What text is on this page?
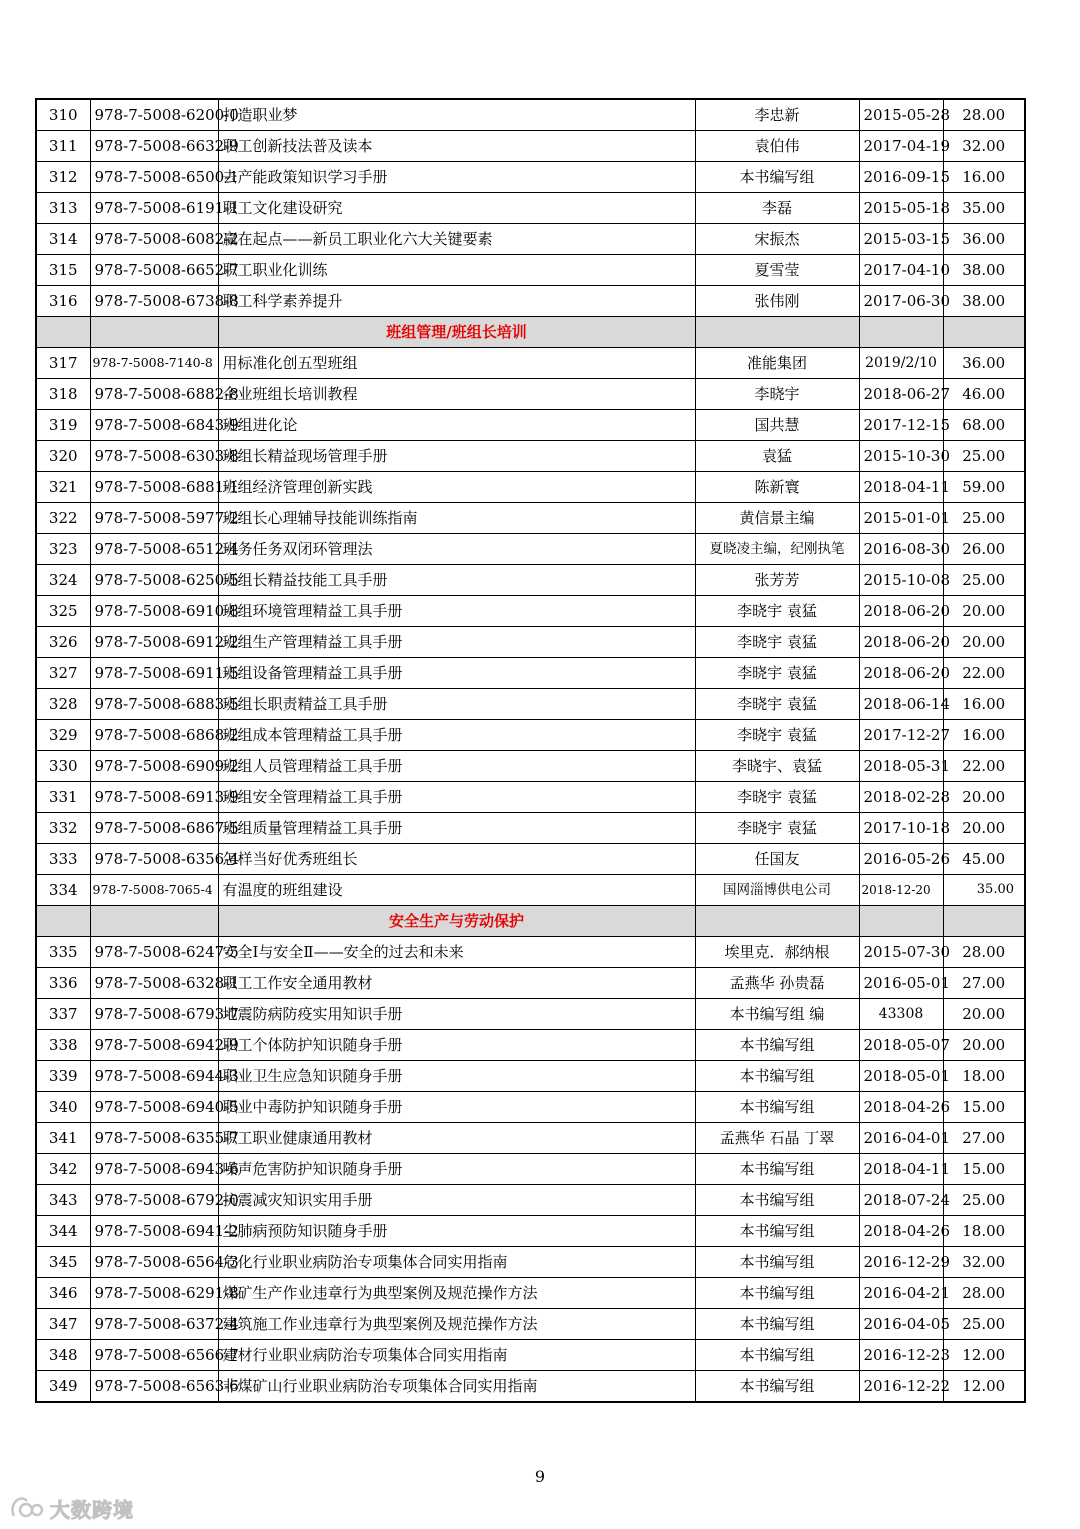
310	978-7-5008-6200-0	打造职业梦	李忠新	2015-05-28	28.00
311	978-7-5008-6632-9	职工创新技法普及读本	袁伯伟	2017-04-19	32.00
312	978-7-5008-6500-1	去产能政策知识学习手册	本书编写组	2016-09-15	16.00
313	978-7-5008-6191-1	职工文化建设研究	李磊	2015-05-18	35.00
314	978-7-5008-6082-2	赢在起点——新员工职业化六大关键要素	宋振杰	2015-03-15	36.00
315	978-7-5008-6652-7	职工职业化训练	夏雪莹	2017-04-10	38.00
316	978-7-5008-6738-8	职工科学素养提升	张伟刚	2017-06-30	38.00
		班组管理/班组长培训			
317	978-7-5008-7140-8	用标准化创五型班组	准能集团	2019/2/10	36.00
318	978-7-5008-6882-8	企业班组长培训教程	李晓宇	2018-06-27	46.00
319	978-7-5008-6843-9	班组进化论	国共慧	2017-12-15	68.00
320	978-7-5008-6303-8	班组长精益现场管理手册	袁猛	2015-10-30	25.00
321	978-7-5008-6881-1	班组经济管理创新实践	陈新寰	2018-04-11	59.00
322	978-7-5008-5977-2	班组长心理辅导技能训练指南	黄信景主编	2015-01-01	25.00
323	978-7-5008-6512-4	班务任务双闭环管理法	夏晓凌主编，纪刚执笔	2016-08-30	26.00
324	978-7-5008-6250-5	班组长精益技能工具手册	张芳芳	2015-10-08	25.00
325	978-7-5008-6910-8	班组环境管理精益工具手册	李晓宇 袁猛	2018-06-20	20.00
326	978-7-5008-6912-2	班组生产管理精益工具手册	李晓宇 袁猛	2018-06-20	20.00
327	978-7-5008-6911-5	班组设备管理精益工具手册	李晓宇 袁猛	2018-06-20	22.00
328	978-7-5008-6883-5	班组长职责精益工具手册	李晓宇 袁猛	2018-06-14	16.00
329	978-7-5008-6868-2	班组成本管理精益工具手册	李晓宇 袁猛	2017-12-27	16.00
330	978-7-5008-6909-2	班组人员管理精益工具手册	李晓宇、袁猛	2018-05-31	22.00
331	978-7-5008-6913-9	班组安全管理精益工具手册	李晓宇 袁猛	2018-02-28	20.00
332	978-7-5008-6867-5	班组质量管理精益工具手册	李晓宇 袁猛	2017-10-18	20.00
333	978-7-5008-6356-4	怎样当好优秀班组长	任国友	2016-05-26	45.00
334	978-7-5008-7065-4	有温度的班组建设	国网淄博供电公司	2018-12-20	35.00
		安全生产与劳动保护			
335	978-7-5008-6247-5	安全Ⅰ与安全Ⅱ——安全的过去和未来	埃里克．郝纳根	2015-07-30	28.00
336	978-7-5008-6328-1	职工工作安全通用教材	孟燕华 孙贵磊	2016-05-01	27.00
337	978-7-5008-6793-7	地震防病防疫实用知识手册	本书编写组 编	43308	20.00
338	978-7-5008-6942-9	职工个体防护知识随身手册	本书编写组	2018-05-07	20.00
339	978-7-5008-6944-3	职业卫生应急知识随身手册	本书编写组	2018-05-01	18.00
340	978-7-5008-6940-5	职业中毒防护知识随身手册	本书编写组	2018-04-26	15.00
341	978-7-5008-6355-7	职工职业健康通用教材	孟燕华 石晶 丁翠	2016-04-01	27.00
342	978-7-5008-6943-6	噪声危害防护知识随身手册	本书编写组	2018-04-11	15.00
343	978-7-5008-6792-0	抗震减灾知识实用手册	本书编写组	2018-07-24	25.00
344	978-7-5008-6941-2	尘肺病预防知识随身手册	本书编写组	2018-04-26	18.00
345	978-7-5008-6564-3	危化行业职业病防治专项集体合同实用指南	本书编写组	2016-12-29	32.00
346	978-7-5008-6291-8	煤矿生产作业违章行为典型案例及规范操作方法	本书编写组	2016-04-21	28.00
347	978-7-5008-6372-4	建筑施工作业违章行为典型案例及规范操作方法	本书编写组	2016-04-05	25.00
348	978-7-5008-6566-7	建材行业职业病防治专项集体合同实用指南	本书编写组	2016-12-23	12.00
349	978-7-5008-6563-6	非煤矿山行业职业病防治专项集体合同实用指南	本书编写组	2016-12-22	12.00
9
大数跨境
